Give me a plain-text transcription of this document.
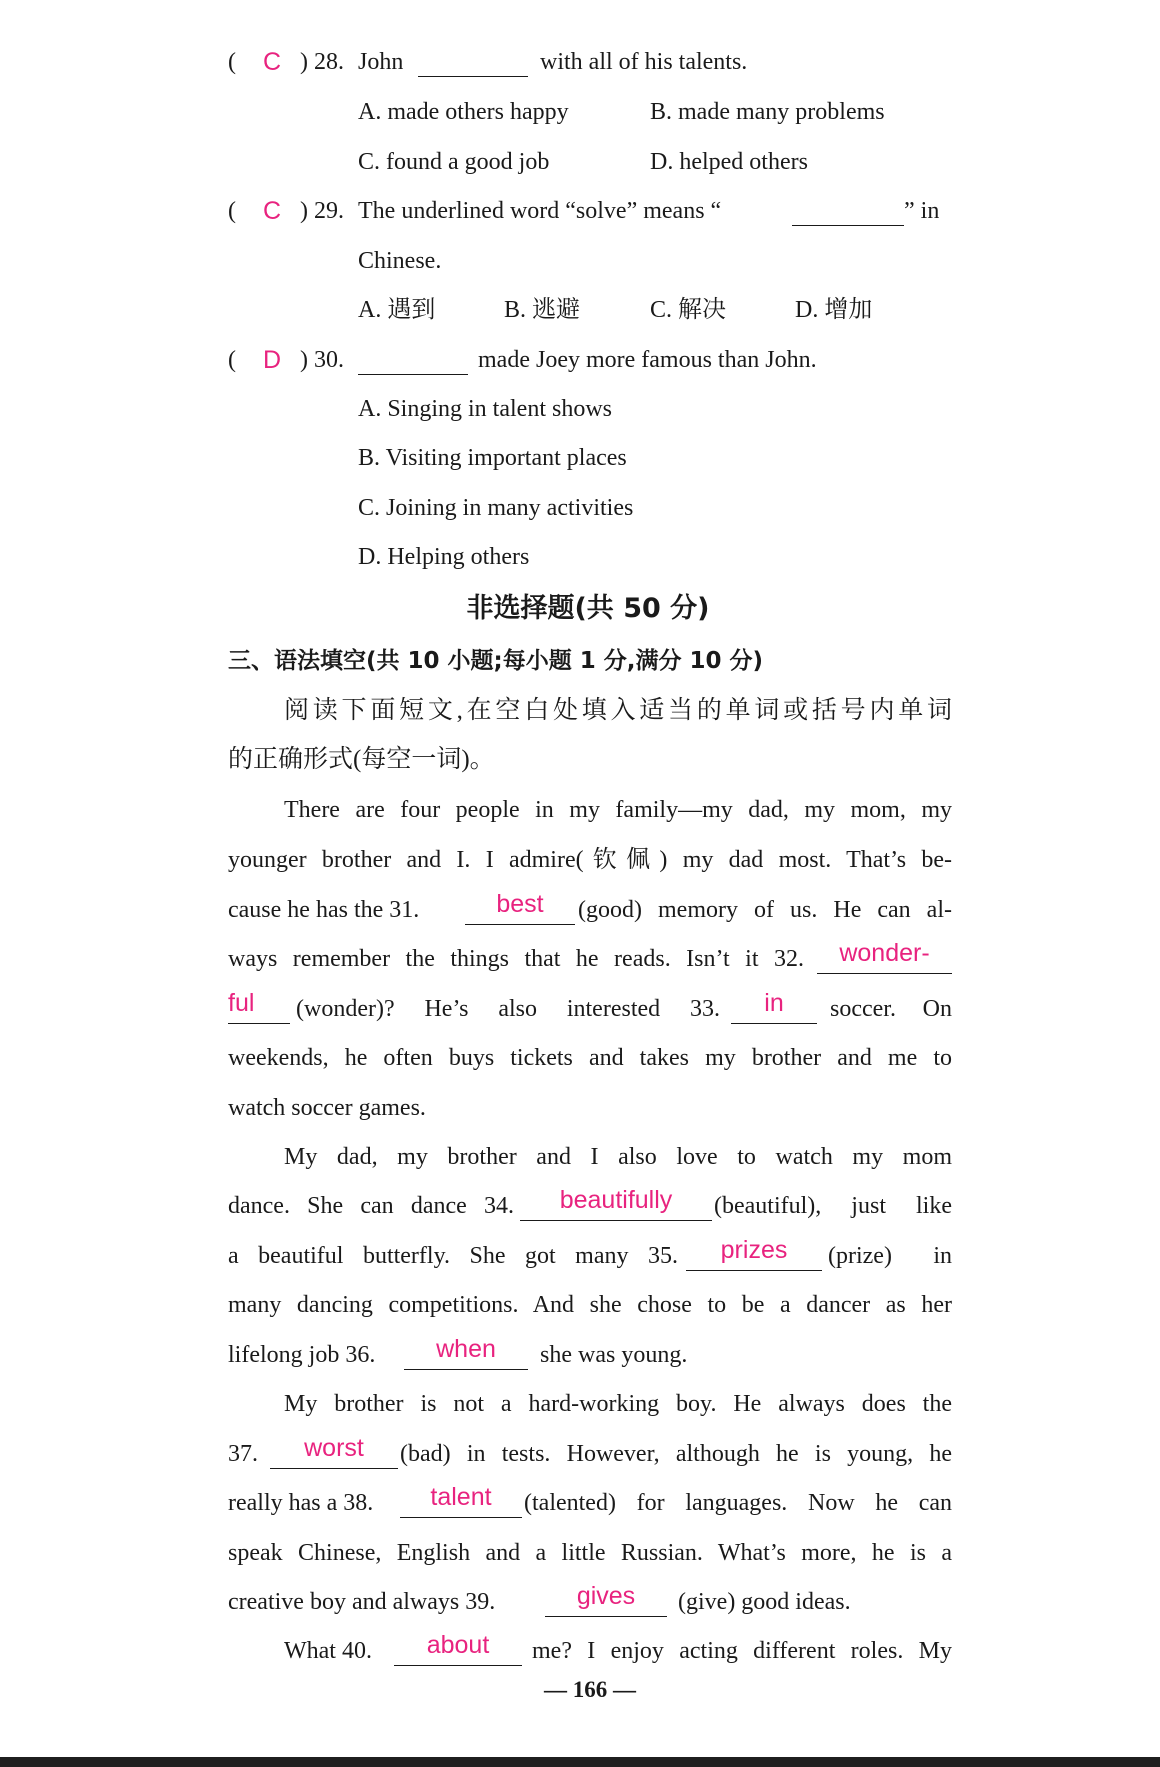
(	C ) 28. John	with all of his talents.
A. made others happy	B. made many problems
C. found a good job	D. helped others
(	C ) 29. The underlined word “solve” means “	” in
Chinese.
A. 遇到	B. 逃避	C. 解决	D. 增加
(	D ) 30.	made Joey more famous than John.
A. Singing in talent shows
B. Visiting important places
C. Joining in many activities
D. Helping others
非选择题(共 50 分)
三、语法填空(共 10 小题;每小题 1 分,满分 10 分)
阅读下面短文,在空白处填入适当的单词或括号内单词
的正确形式(每空一词)。
There are four people in my family—my dad, my mom, my
younger brother and I. I admire(钦佩) my dad most. That’s be-
cause he has the 31.	best	(good) memory of us. He can al-
ways remember the things that he reads. Isn’t it 32.	wonder-
ful	(wonder)? He’s also interested 33.	in	soccer. On
weekends, he often buys tickets and takes my brother and me to
watch soccer games.
My dad, my brother and I also love to watch my mom
dance. She can dance 34.	beautifully	(beautiful), just like
a beautiful butterfly. She got many 35.	prizes	(prize) in
many dancing competitions. And she chose to be a dancer as her
lifelong job 36.	when	she was young.
My brother is not a hard-working boy. He always does the
37.	worst	(bad) in tests. However, although he is young, he
really has a 38.	talent	(talented) for languages. Now he can
speak Chinese, English and a little Russian. What’s more, he is a
creative boy and always 39.	gives	(give) good ideas.
What 40.	about	me? I enjoy acting different roles. My
— 166 —
